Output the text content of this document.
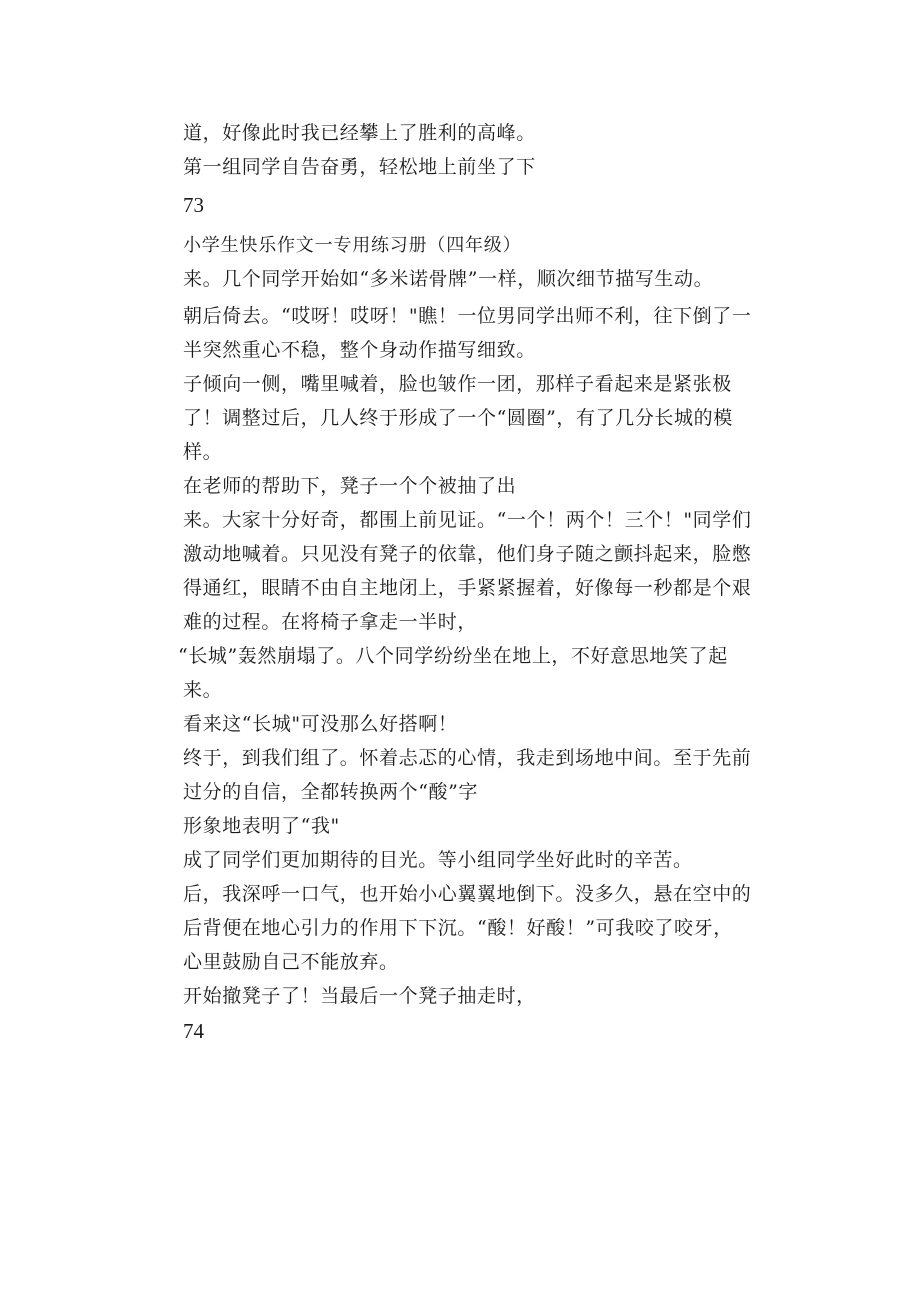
道，好像此时我已经攀上了胜利的高峰。
第一组同学自告奋勇，轻松地上前坐了下
73
小学生快乐作文一专用练习册（四年级）
来。几个同学开始如“多米诺骨牌”一样，顺次细节描写生动。
朝后倚去。“哎呀！哎呀！"瞧！一位男同学出师不利，往下倒了一
半突然重心不稳，整个身动作描写细致。
子倾向一侧，嘴里喊着，脸也皱作一团，那样子看起来是紧张极
了！调整过后，几人终于形成了一个“圆圈”，有了几分长城的模
样。
在老师的帮助下，凳子一个个被抽了出
来。大家十分好奇，都围上前见证。“一个！两个！三个！"同学们
激动地喊着。只见没有凳子的依靠，他们身子随之颤抖起来，脸憋
得通红，眼睛不由自主地闭上，手紧紧握着，好像每一秒都是个艰
难的过程。在将椅子拿走一半时，
“长城”轰然崩塌了。八个同学纷纷坐在地上，不好意思地笑了起
来。
看来这“长城"可没那么好搭啊！
终于，到我们组了。怀着忐忑的心情，我走到场地中间。至于先前
过分的自信，全都转换两个“酸”字
形象地表明了“我"
成了同学们更加期待的目光。等小组同学坐好此时的辛苦。
后，我深呼一口气，也开始小心翼翼地倒下。没多久，悬在空中的
后背便在地心引力的作用下下沉。“酸！好酸！”可我咬了咬牙，
心里鼓励自己不能放弃。
开始撤凳子了！当最后一个凳子抽走时，
74
